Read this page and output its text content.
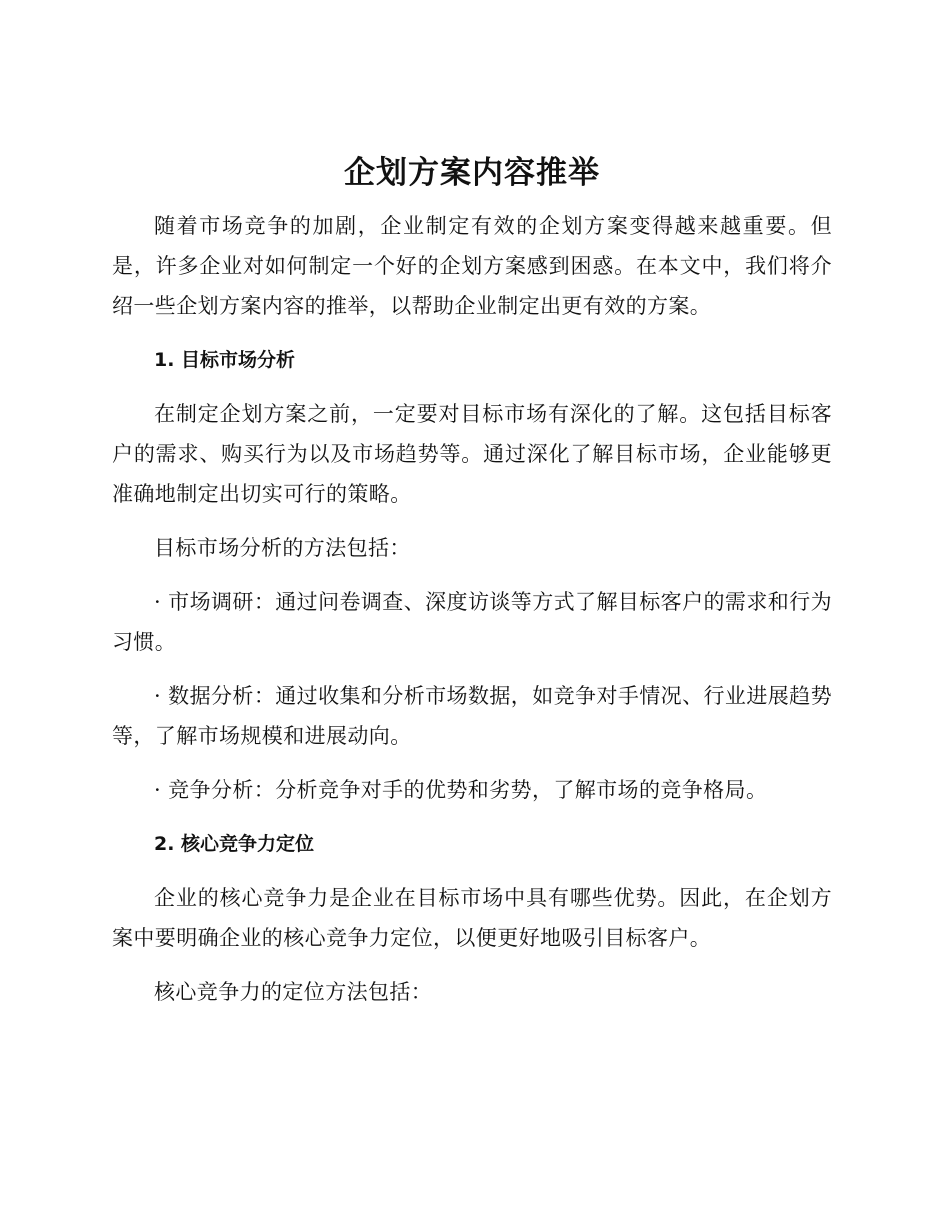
企划方案内容推举

随着市场竞争的加剧，企业制定有效的企划方案变得越来越重要。但是，许多企业对如何制定一个好的企划方案感到困惑。在本文中，我们将介绍一些企划方案内容的推举，以帮助企业制定出更有效的方案。

1. 目标市场分析

在制定企划方案之前，一定要对目标市场有深化的了解。这包括目标客户的需求、购买行为以及市场趋势等。通过深化了解目标市场，企业能够更准确地制定出切实可行的策略。

目标市场分析的方法包括：

· 市场调研：通过问卷调查、深度访谈等方式了解目标客户的需求和行为习惯。

· 数据分析：通过收集和分析市场数据，如竞争对手情况、行业进展趋势等，了解市场规模和进展动向。

· 竞争分析：分析竞争对手的优势和劣势，了解市场的竞争格局。

2. 核心竞争力定位

企业的核心竞争力是企业在目标市场中具有哪些优势。因此，在企划方案中要明确企业的核心竞争力定位，以便更好地吸引目标客户。

核心竞争力的定位方法包括：
